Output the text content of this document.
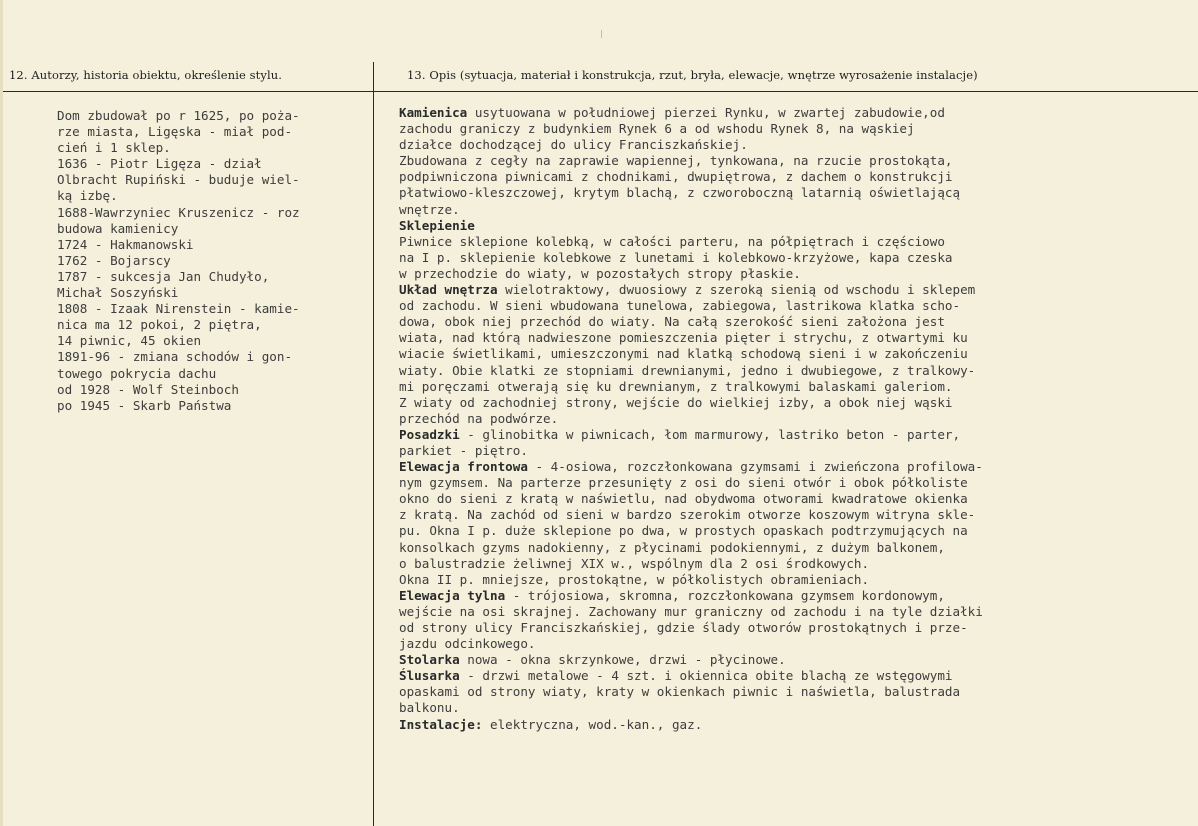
12. Autorzy, historia obiektu, określenie stylu.	13. Opis (sytuacja, materiał i konstrukcja, rzut, bryła, elewacje, wnętrze wyrosażenie instalacje)
Dom zbudował po r 1625, po poża-
rze miasta, Ligęska - miał pod-
cień i 1 sklep.
1636 - Piotr Ligęza - dział
Olbracht Rupiński - buduje wiel-
ką izbę.
1688-Wawrzyniec Kruszenicz - roz
budowa kamienicy
1724 - Hakmanowski
1762 - Bojarscy
1787 - sukcesja Jan Chudyło,
Michał Soszyński
1808 - Izaak Nirenstein - kamie-
nica ma 12 pokoi, 2 piętra,
14 piwnic, 45 okien
1891-96 - zmiana schodów i gon-
towego pokrycia dachu
od 1928 - Wolf Steinboch
po 1945 - Skarb Państwa
Kamienica usytuowana w południowej pierzei Rynku, w zwartej zabudowie,od
zachodu graniczy z budynkiem Rynek 6 a od wshodu Rynek 8, na wąskiej
działce dochodzącej do ulicy Franciszkańskiej.
Zbudowana z cegły na zaprawie wapiennej, tynkowana, na rzucie prostokąta,
podpiwniczona piwnicami z chodnikami, dwupiętrowa, z dachem o konstrukcji
płatwiowo-kleszczowej, krytym blachą, z czworoboczną latarnią oświetlającą
wnętrze.
Sklepienie
Piwnice sklepione kolebką, w całości parteru, na półpiętrach i częściowo
na I p. sklepienie kolebkowe z lunetami i kolebkowo-krzyżowe, kapa czeska
w przechodzie do wiaty, w pozostałych stropy płaskie.
Układ wnętrza wielotraktowy, dwuosiowy z szeroką sienią od wschodu i sklepem
od zachodu. W sieni wbudowana tunelowa, zabiegowa, lastrikowa klatka scho-
dowa, obok niej przechód do wiaty. Na całą szerokość sieni założona jest
wiata, nad którą nadwieszone pomieszczenia pięter i strychu, z otwartymi ku
wiacie świetlikami, umieszczonymi nad klatką schodową sieni i w zakończeniu
wiaty. Obie klatki ze stopniami drewnianymi, jedno i dwubiegowe, z tralkowy-
mi poręczami otwerają się ku drewnianym, z tralkowymi balaskami galeriom.
Z wiaty od zachodniej strony, wejście do wielkiej izby, a obok niej wąski
przechód na podwórze.
Posadzki - glinobitka w piwnicach, łom marmurowy, lastriko beton - parter,
parkiet - piętro.
Elewacja frontowa - 4-osiowa, rozczłonkowana gzymsami i zwieńczona profilowa-
nym gzymsem. Na parterze przesunięty z osi do sieni otwór i obok półkoliste
okno do sieni z kratą w naświetlu, nad obydwoma otworami kwadratowe okienka
z kratą. Na zachód od sieni w bardzo szerokim otworze koszowym witryna skle-
pu. Okna I p. duże sklepione po dwa, w prostych opaskach podtrzymujących na
konsolkach gzyms nadokienny, z płycinami podokiennymi, z dużym balkonem,
o balustradzie żeliwnej XIX w., wspólnym dla 2 osi środkowych.
Okna II p. mniejsze, prostokątne, w półkolistych obramieniach.
Elewacja tylna - trójosiowa, skromna, rozczłonkowana gzymsem kordonowym,
wejście na osi skrajnej. Zachowany mur graniczny od zachodu i na tyle działki
od strony ulicy Franciszkańskiej, gdzie ślady otworów prostokątnych i prze-
jazdu odcinkowego.
Stolarka nowa - okna skrzynkowe, drzwi - płycinowe.
Ślusarka - drzwi metalowe - 4 szt. i okiennica obite blachą ze wstęgowymi
opaskami od strony wiaty, kraty w okienkach piwnic i naświetla, balustrada
balkonu.
Instalacje: elektryczna, wod.-kan., gaz.
